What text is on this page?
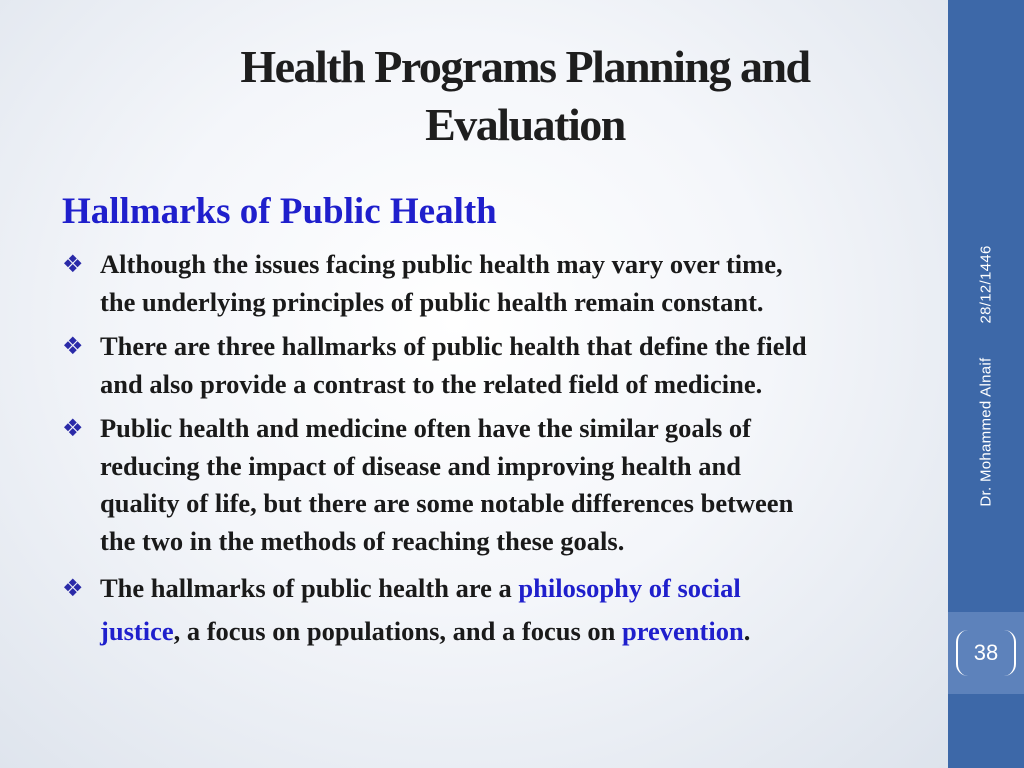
Health Programs Planning and
Evaluation
Hallmarks of Public Health
❖ Although the issues facing public health may vary over time,
the underlying principles of public health remain constant.
❖ There are three hallmarks of public health that define the field
and also provide a contrast to the related field of medicine.
❖ Public health and medicine often have the similar goals of
reducing the impact of disease and improving health and
quality of life, but there are some notable differences between
the two in the methods of reaching these goals.
❖ The hallmarks of public health are a philosophy of social
justice, a focus on populations, and a focus on prevention.
Dr. Mohammed Alnaif28/12/1446
38
